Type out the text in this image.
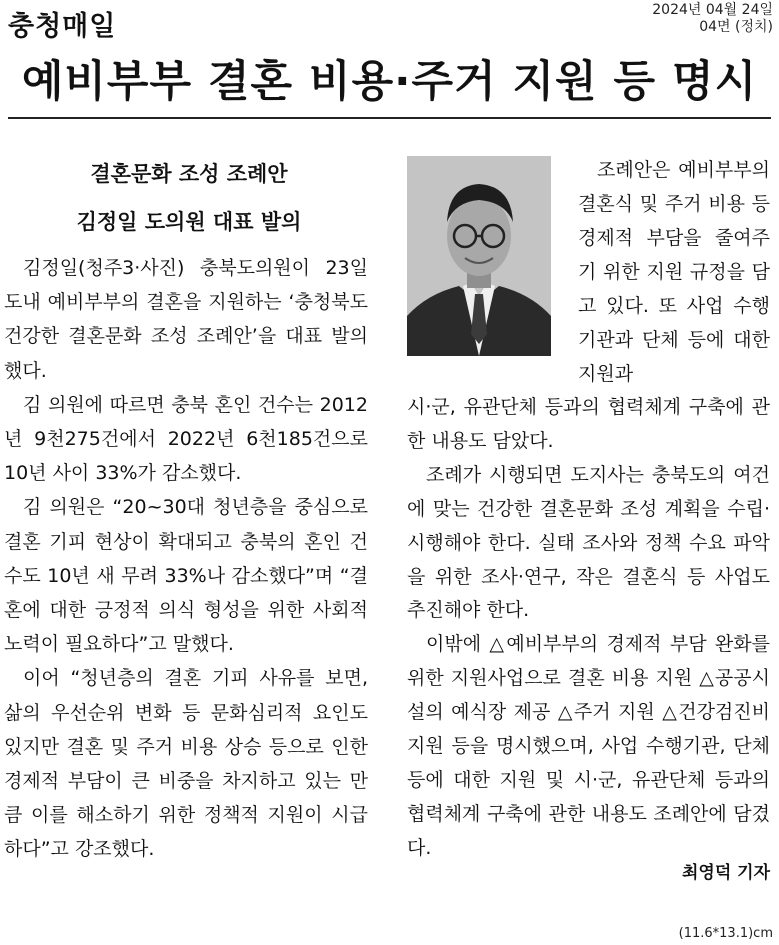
충청매일
2024년 04월 24일
04면 (정치)
예비부부 결혼 비용·주거 지원 등 명시
결혼문화 조성 조례안
김정일 도의원 대표 발의

김정일(청주3·사진) 충북도의원이 23일 도내 예비부부의 결혼을 지원하는 ‘충청북도 건강한 결혼문화 조성 조례안’을 대표 발의했다.

김 의원에 따르면 충북 혼인 건수는 2012년 9천275건에서 2022년 6천185건으로 10년 사이 33%가 감소했다.

김 의원은 “20~30대 청년층을 중심으로 결혼 기피 현상이 확대되고 충북의 혼인 건수도 10년 새 무려 33%나 감소했다”며 “결혼에 대한 긍정적 의식 형성을 위한 사회적 노력이 필요하다”고 말했다.

이어 “청년층의 결혼 기피 사유를 보면, 삶의 우선순위 변화 등 문화심리적 요인도 있지만 결혼 및 주거 비용 상승 등으로 인한 경제적 부담이 큰 비중을 차지하고 있는 만큼 이를 해소하기 위한 정책적 지원이 시급하다”고 강조했다.

조례안은 예비부부의 결혼식 및 주거 비용 등 경제적 부담을 줄여주기 위한 지원 규정을 담고 있다. 또 사업 수행기관과 단체 등에 대한 지원과

시·군, 유관단체 등과의 협력체계 구축에 관한 내용도 담았다.

조례가 시행되면 도지사는 충북도의 여건에 맞는 건강한 결혼문화 조성 계획을 수립·시행해야 한다. 실태 조사와 정책 수요 파악을 위한 조사·연구, 작은 결혼식 등 사업도 추진해야 한다.

이밖에 △예비부부의 경제적 부담 완화를 위한 지원사업으로 결혼 비용 지원 △공공시설의 예식장 제공 △주거 지원 △건강검진비 지원 등을 명시했으며, 사업 수행기관, 단체 등에 대한 지원 및 시·군, 유관단체 등과의 협력체계 구축에 관한 내용도 조례안에 담겼다.

최영덕 기자
(11.6*13.1)cm
